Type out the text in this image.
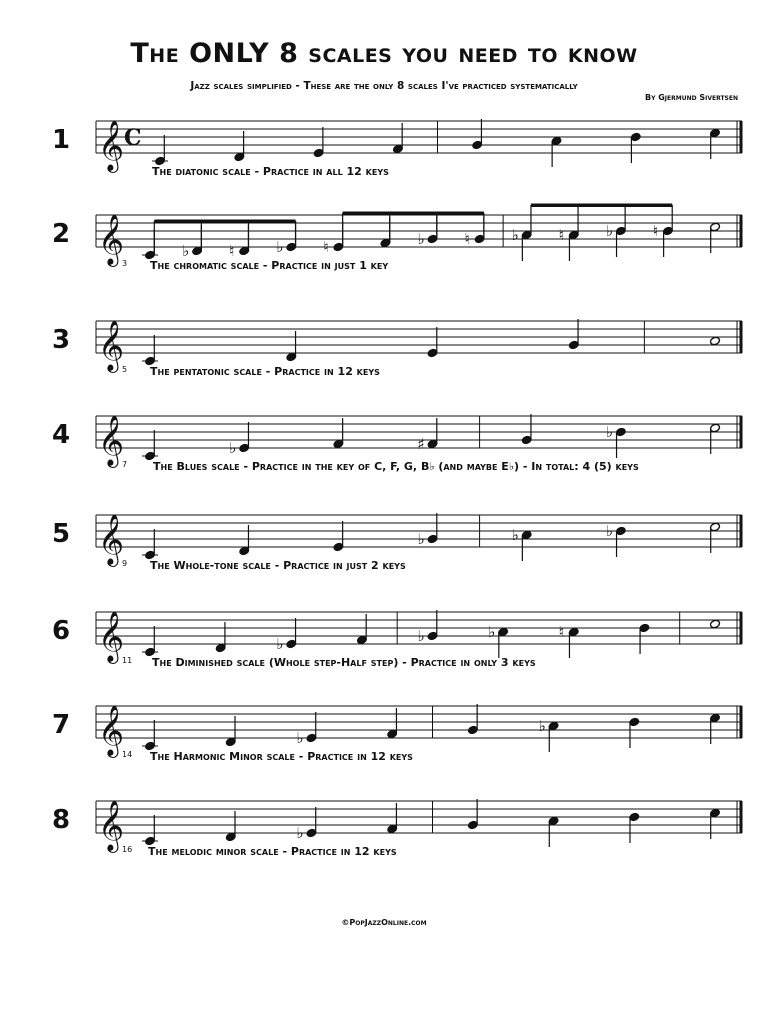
The ONLY 8 scales you need to know
Jazz scales simplified - These are the only 8 scales I've practiced systematically
By Gjermund Sivertsen
1
The diatonic scale - Practice in all 12 keys
𝄞 C
2
3 The chromatic scale - Practice in just 1 key
𝄞	♭	♮	♭	♮	♭	♮	♭	♮	♭	♮
3
5 The pentatonic scale - Practice in 12 keys
𝄞
4
7 The Blues scale - Practice in the key of C, F, G, B♭ (and maybe E♭) - In total: 4 (5) keys
𝄞	♭	♯
♭
5
9 The Whole-tone scale - Practice in just 2 keys
𝄞	♭	♭	♭
6
11 The Diminished scale (Whole step-Half step) - Practice in only 3 keys
𝄞	♭	♭	♭	♮
7
14 The Harmonic Minor scale - Practice in 12 keys
𝄞	♭
♭
8
16 The melodic minor scale - Practice in 12 keys
𝄞	♭
©PopJazzOnline.com
